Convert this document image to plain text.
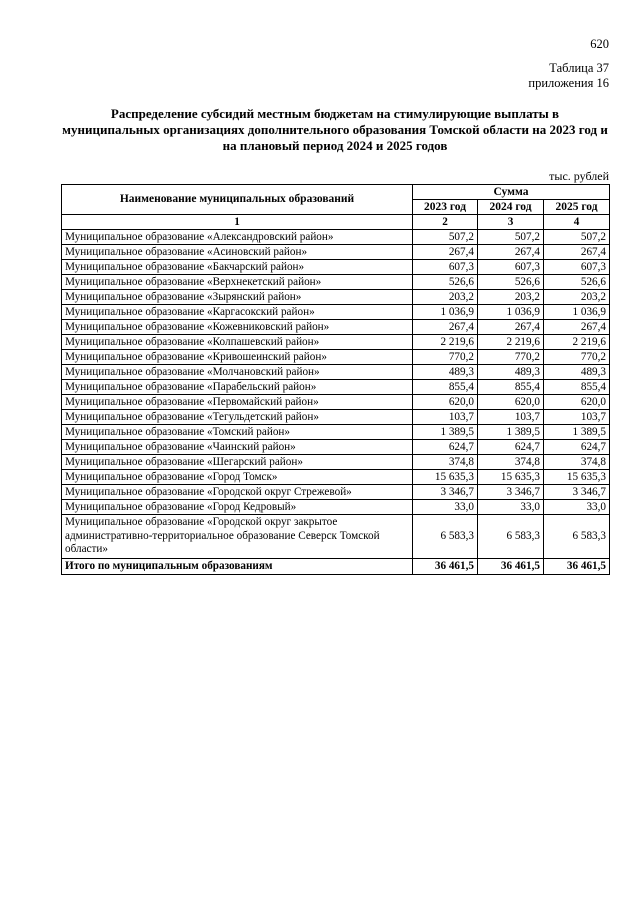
620
Таблица 37
приложения 16
Распределение субсидий местным бюджетам на стимулирующие выплаты в муниципальных организациях дополнительного образования Томской области на 2023 год и на плановый период 2024 и 2025 годов
тыс. рублей
Наименование муниципальных образований	Сумма		
	2023 год	2024 год	2025 год
1	2	3	4
Муниципальное образование «Александровский район»	507,2	507,2	507,2
Муниципальное образование «Асиновский район»	267,4	267,4	267,4
Муниципальное образование «Бакчарский район»	607,3	607,3	607,3
Муниципальное образование «Верхнекетский район»	526,6	526,6	526,6
Муниципальное образование «Зырянский район»	203,2	203,2	203,2
Муниципальное образование «Каргасокский район»	1 036,9	1 036,9	1 036,9
Муниципальное образование «Кожевниковский район»	267,4	267,4	267,4
Муниципальное образование «Колпашевский район»	2 219,6	2 219,6	2 219,6
Муниципальное образование «Кривошеинский район»	770,2	770,2	770,2
Муниципальное образование «Молчановский район»	489,3	489,3	489,3
Муниципальное образование «Парабельский район»	855,4	855,4	855,4
Муниципальное образование «Первомайский район»	620,0	620,0	620,0
Муниципальное образование «Тегульдетский район»	103,7	103,7	103,7
Муниципальное образование «Томский район»	1 389,5	1 389,5	1 389,5
Муниципальное образование «Чаинский район»	624,7	624,7	624,7
Муниципальное образование «Шегарский район»	374,8	374,8	374,8
Муниципальное образование «Город Томск»	15 635,3	15 635,3	15 635,3
Муниципальное образование «Городской округ Стрежевой»	3 346,7	3 346,7	3 346,7
Муниципальное образование «Город Кедровый»	33,0	33,0	33,0
Муниципальное образование «Городской округ закрытое административно-территориальное образование Северск Томской области»	6 583,3	6 583,3	6 583,3
Итого по муниципальным образованиям	36 461,5	36 461,5	36 461,5
